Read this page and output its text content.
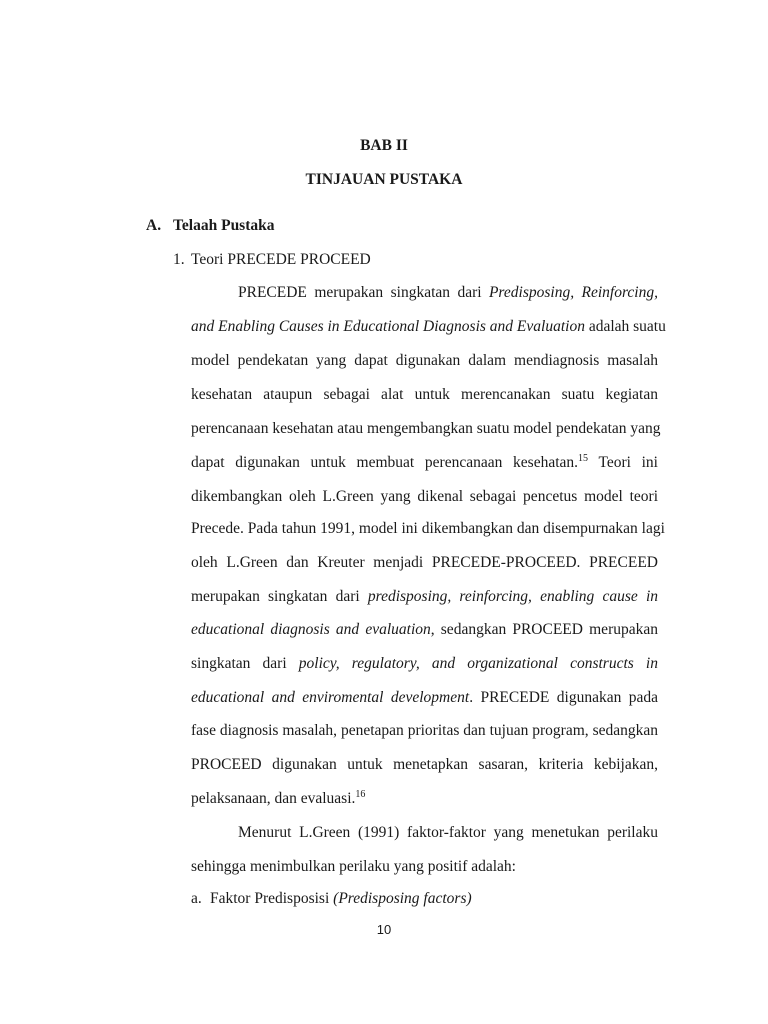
BAB II
TINJAUAN PUSTAKA
A. Telaah Pustaka
1. Teori PRECEDE PROCEED
PRECEDE merupakan singkatan dari Predisposing, Reinforcing,
and Enabling Causes in Educational Diagnosis and Evaluation adalah suatu
model pendekatan yang dapat digunakan dalam mendiagnosis masalah
kesehatan ataupun sebagai alat untuk merencanakan suatu kegiatan
perencanaan kesehatan atau mengembangkan suatu model pendekatan yang
dapat digunakan untuk membuat perencanaan kesehatan.$^{15}$ Teori ini
dikembangkan oleh L.Green yang dikenal sebagai pencetus model teori
Precede. Pada tahun 1991, model ini dikembangkan dan disempurnakan lagi
oleh L.Green dan Kreuter menjadi PRECEDE-PROCEED. PRECEED
merupakan singkatan dari predisposing, reinforcing, enabling cause in
educational diagnosis and evaluation, sedangkan PROCEED merupakan
singkatan dari policy, regulatory, and organizational constructs in
educational and enviromental development. PRECEDE digunakan pada
fase diagnosis masalah, penetapan prioritas dan tujuan program, sedangkan
PROCEED digunakan untuk menetapkan sasaran, kriteria kebijakan,
pelaksanaan, dan evaluasi.$^{16}$
Menurut L.Green (1991) faktor-faktor yang menetukan perilaku
sehingga menimbulkan perilaku yang positif adalah:
a. Faktor Predisposisi (Predisposing factors)
10
